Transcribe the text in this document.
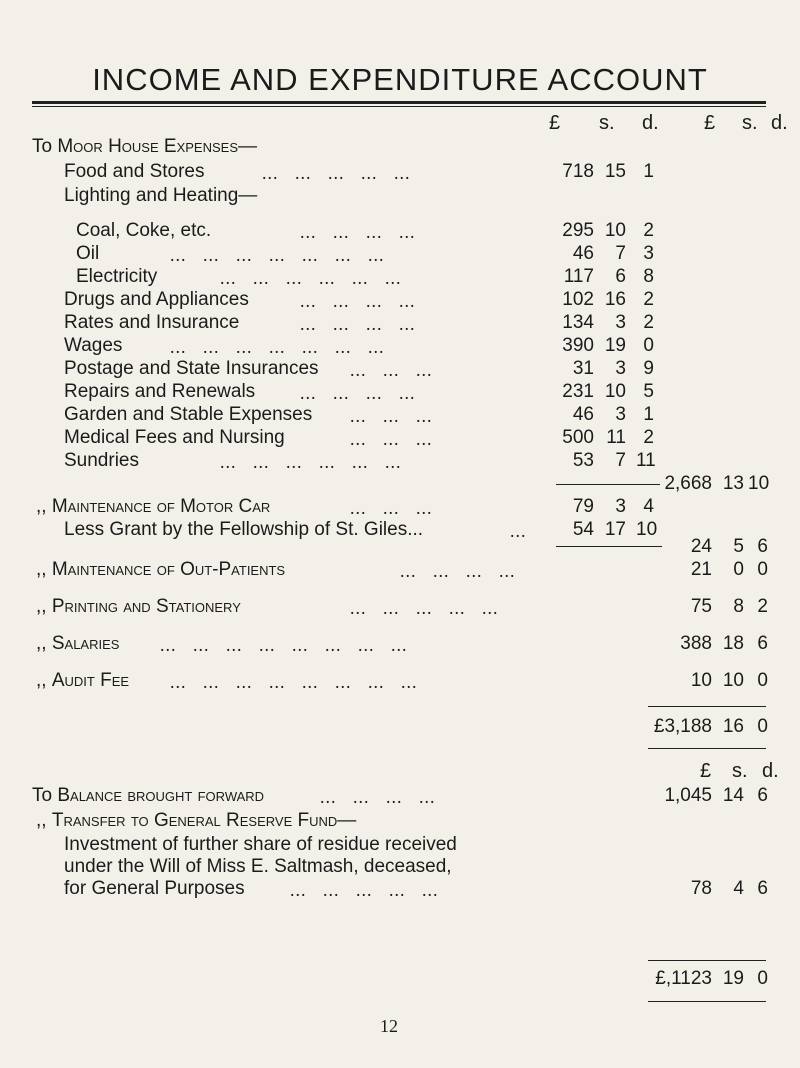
INCOME AND EXPENDITURE ACCOUNT
£ s. d. £ s. d.
To Moor House Expenses—
Food and Stores	...   ...   ...   ...   ...	718 15 1
Lighting and Heating—
Coal, Coke, etc.	...   ...   ...   ...	295 10 2
Oil	...   ...   ...   ...   ...   ...   ...	46	7 3
Electricity	...   ...   ...   ...   ...   ...	117	6 8
Drugs and Appliances	...   ...   ...   ...	102 16 2
Rates and Insurance	...   ...   ...   ...	134	3 2
Wages	...   ...   ...   ...   ...   ...   ...	390 19 0
Postage and State Insurances ...   ...   ...	31	3 9
Repairs and Renewals ...   ...   ...   ...	231 10 5
Garden and Stable Expenses ...   ...   ...	46	3 1
Medical Fees and Nursing	...   ...   ...	500 11 2
Sundries	...   ...   ...   ...   ...   ...	53	7 11
2,668 13 10
,, Maintenance of Motor Car	...   ...   ...	79	3 4
Less Grant by the Fellowship of St. Giles...	...	54 17 10
24	5 6
,, Maintenance of Out-Patients	...   ...   ...   ...	21	0 0
,, Printing and Stationery	...   ...   ...   ...   ...	75	8 2
,, Salaries ...   ...   ...   ...   ...   ...   ...   ...	388 18 6
,, Audit Fee ...   ...   ...   ...   ...   ...   ...   ...	10 10 0
£3,188 16 0
£ s. d.
To Balance brought forward	...   ...   ...   ...	1,045 14 6
,, Transfer to General Reserve Fund—
Investment of further share of residue received
under the Will of Miss E. Saltmash, deceased,
for General Purposes	...   ...   ...   ...   ...	78	4 6
£,1123 19 0
12
